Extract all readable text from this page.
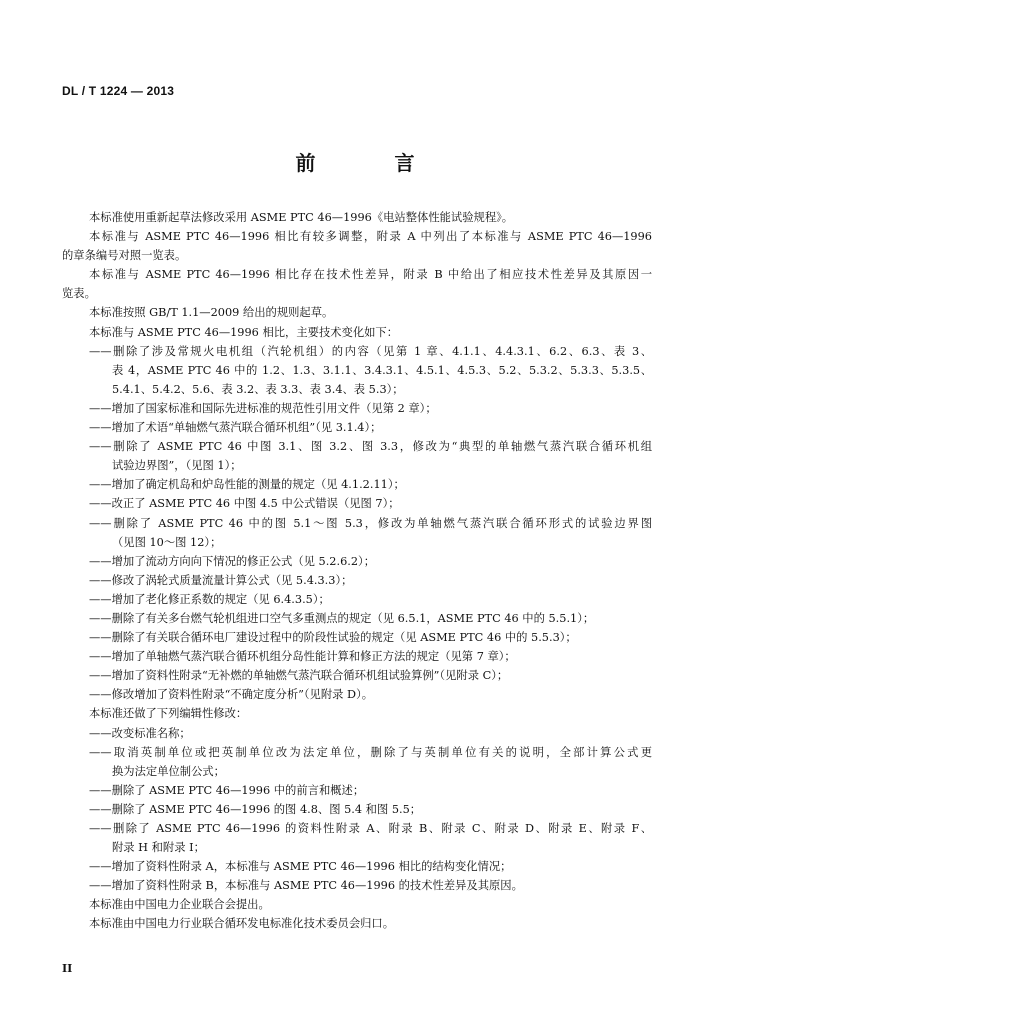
DL / T 1224 — 2013
前 言
本标准使用重新起草法修改采用 ASME PTC 46—1996《电站整体性能试验规程》。
本标准与 ASME PTC 46—1996 相比有较多调整，附录 A 中列出了本标准与 ASME PTC 46—1996
的章条编号对照一览表。
本标准与 ASME PTC 46—1996 相比存在技术性差异，附录 B 中给出了相应技术性差异及其原因一
览表。
本标准按照 GB/T 1.1—2009 给出的规则起草。
本标准与 ASME PTC 46—1996 相比，主要技术变化如下：
——删除了涉及常规火电机组（汽轮机组）的内容（见第 1 章、4.1.1、4.4.3.1、6.2、6.3、表 3、
表 4，ASME PTC 46 中的 1.2、1.3、3.1.1、3.4.3.1、4.5.1、4.5.3、5.2、5.3.2、5.3.3、5.3.5、
5.4.1、5.4.2、5.6、表 3.2、表 3.3、表 3.4、表 5.3）；
——增加了国家标准和国际先进标准的规范性引用文件（见第 2 章）；
——增加了术语“单轴燃气蒸汽联合循环机组”（见 3.1.4）；
——删除了 ASME PTC 46 中图 3.1、图 3.2、图 3.3，修改为“典型的单轴燃气蒸汽联合循环机组
试验边界图”，（见图 1）；
——增加了确定机岛和炉岛性能的测量的规定（见 4.1.2.11）；
——改正了 ASME PTC 46 中图 4.5 中公式错误（见图 7）；
——删除了 ASME PTC 46 中的图 5.1～图 5.3，修改为单轴燃气蒸汽联合循环形式的试验边界图
（见图 10～图 12）；
——增加了流动方向向下情况的修正公式（见 5.2.6.2）；
——修改了涡轮式质量流量计算公式（见 5.4.3.3）；
——增加了老化修正系数的规定（见 6.4.3.5）；
——删除了有关多台燃气轮机组进口空气多重测点的规定（见 6.5.1，ASME PTC 46 中的 5.5.1）；
——删除了有关联合循环电厂建设过程中的阶段性试验的规定（见 ASME PTC 46 中的 5.5.3）；
——增加了单轴燃气蒸汽联合循环机组分岛性能计算和修正方法的规定（见第 7 章）；
——增加了资料性附录“无补燃的单轴燃气蒸汽联合循环机组试验算例”（见附录 C）；
——修改增加了资料性附录“不确定度分析”（见附录 D）。
本标准还做了下列编辑性修改：
——改变标准名称；
——取消英制单位或把英制单位改为法定单位，删除了与英制单位有关的说明，全部计算公式更
换为法定单位制公式；
——删除了 ASME PTC 46—1996 中的前言和概述；
——删除了 ASME PTC 46—1996 的图 4.8、图 5.4 和图 5.5；
——删除了 ASME PTC 46—1996 的资料性附录 A、附录 B、附录 C、附录 D、附录 E、附录 F、
附录 H 和附录 I；
——增加了资料性附录 A，本标准与 ASME PTC 46—1996 相比的结构变化情况；
——增加了资料性附录 B，本标准与 ASME PTC 46—1996 的技术性差异及其原因。
本标准由中国电力企业联合会提出。
本标准由中国电力行业联合循环发电标准化技术委员会归口。
II
